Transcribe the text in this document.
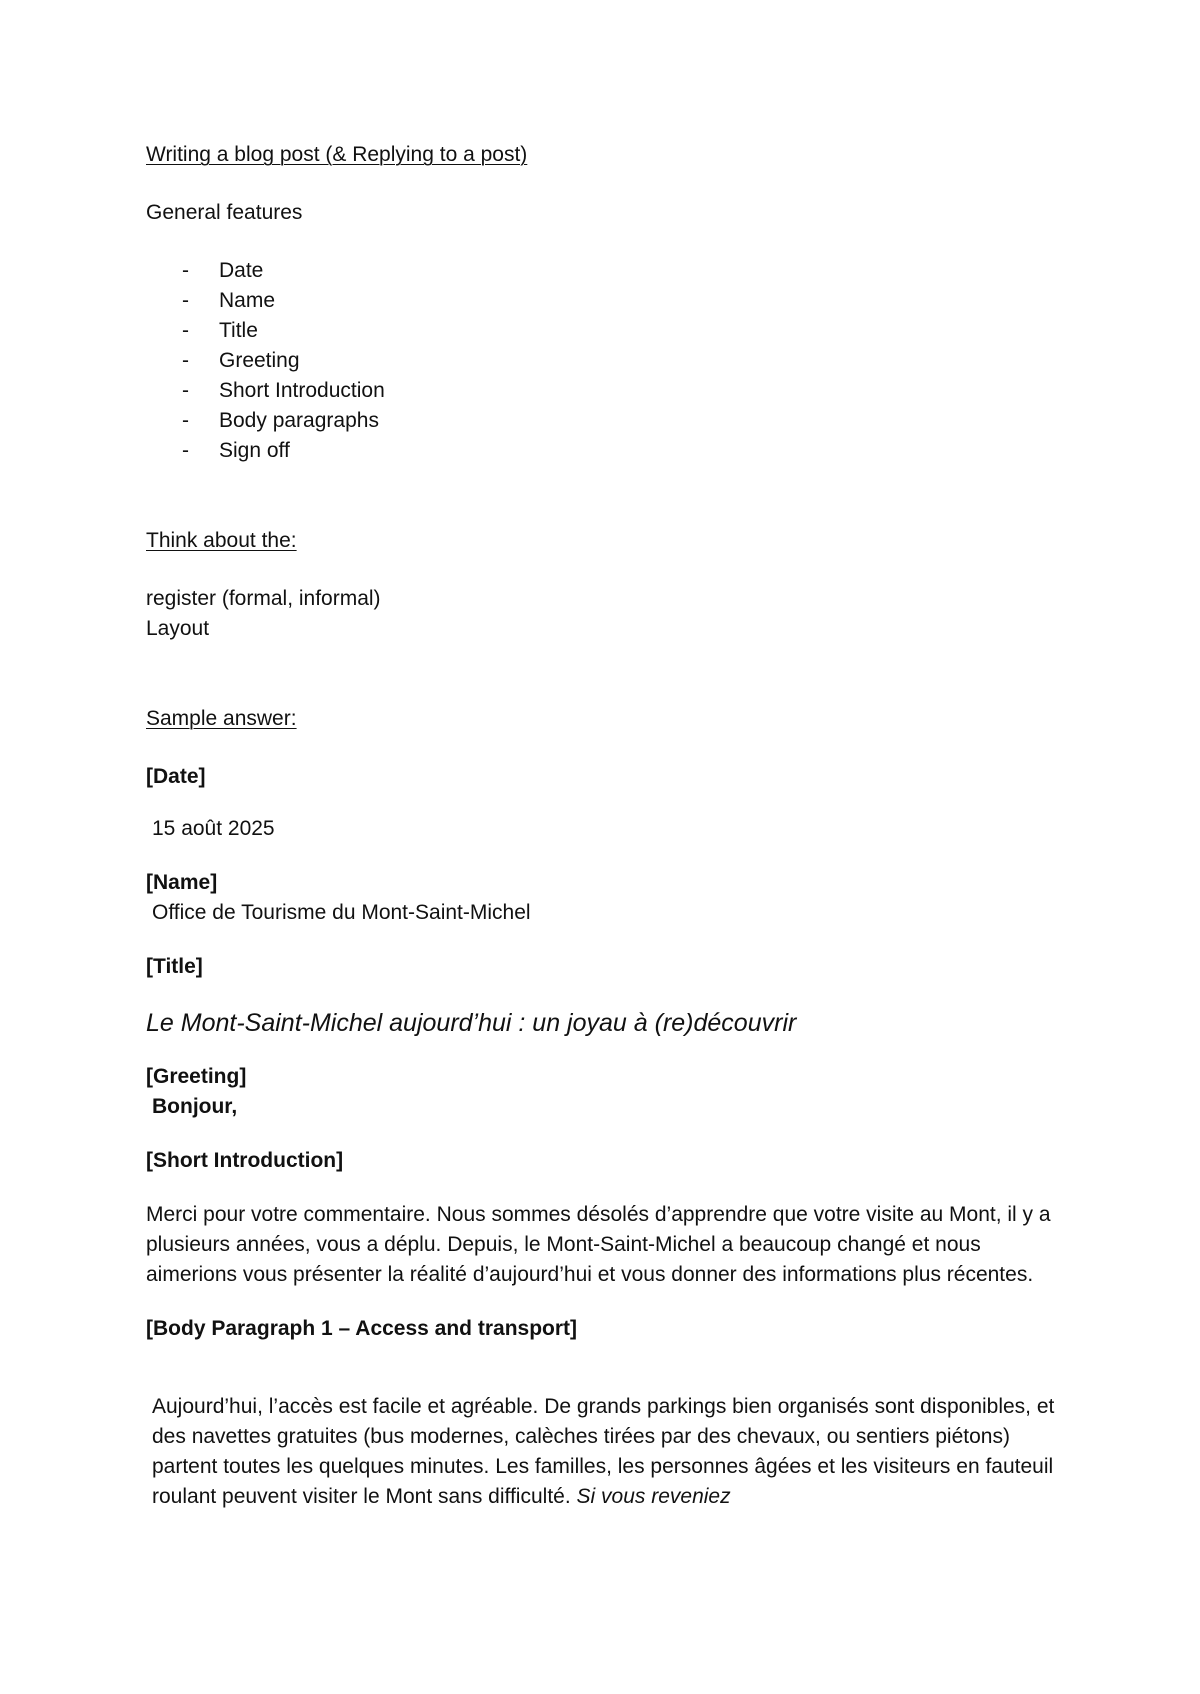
Writing a blog post (& Replying to a post)

General features

- Date
- Name
- Title
- Greeting
- Short Introduction
- Body paragraphs
- Sign off

Think about the:

register (formal, informal)

Layout

Sample answer:

[Date]

15 août 2025

[Name]

Office de Tourisme du Mont-Saint-Michel

[Title]

Le Mont-Saint-Michel aujourd’hui : un joyau à (re)découvrir

[Greeting]

Bonjour,

[Short Introduction]

Merci pour votre commentaire. Nous sommes désolés d’apprendre que votre visite au Mont, il y a plusieurs années, vous a déplu. Depuis, le Mont-Saint-Michel a beaucoup changé et nous aimerions vous présenter la réalité d’aujourd’hui et vous donner des informations plus récentes.

[Body Paragraph 1 – Access and transport]

Aujourd’hui, l’accès est facile et agréable. De grands parkings bien organisés sont disponibles, et des navettes gratuites (bus modernes, calèches tirées par des chevaux, ou sentiers piétons) partent toutes les quelques minutes. Les familles, les personnes âgées et les visiteurs en fauteuil roulant peuvent visiter le Mont sans difficulté. Si vous reveniez
